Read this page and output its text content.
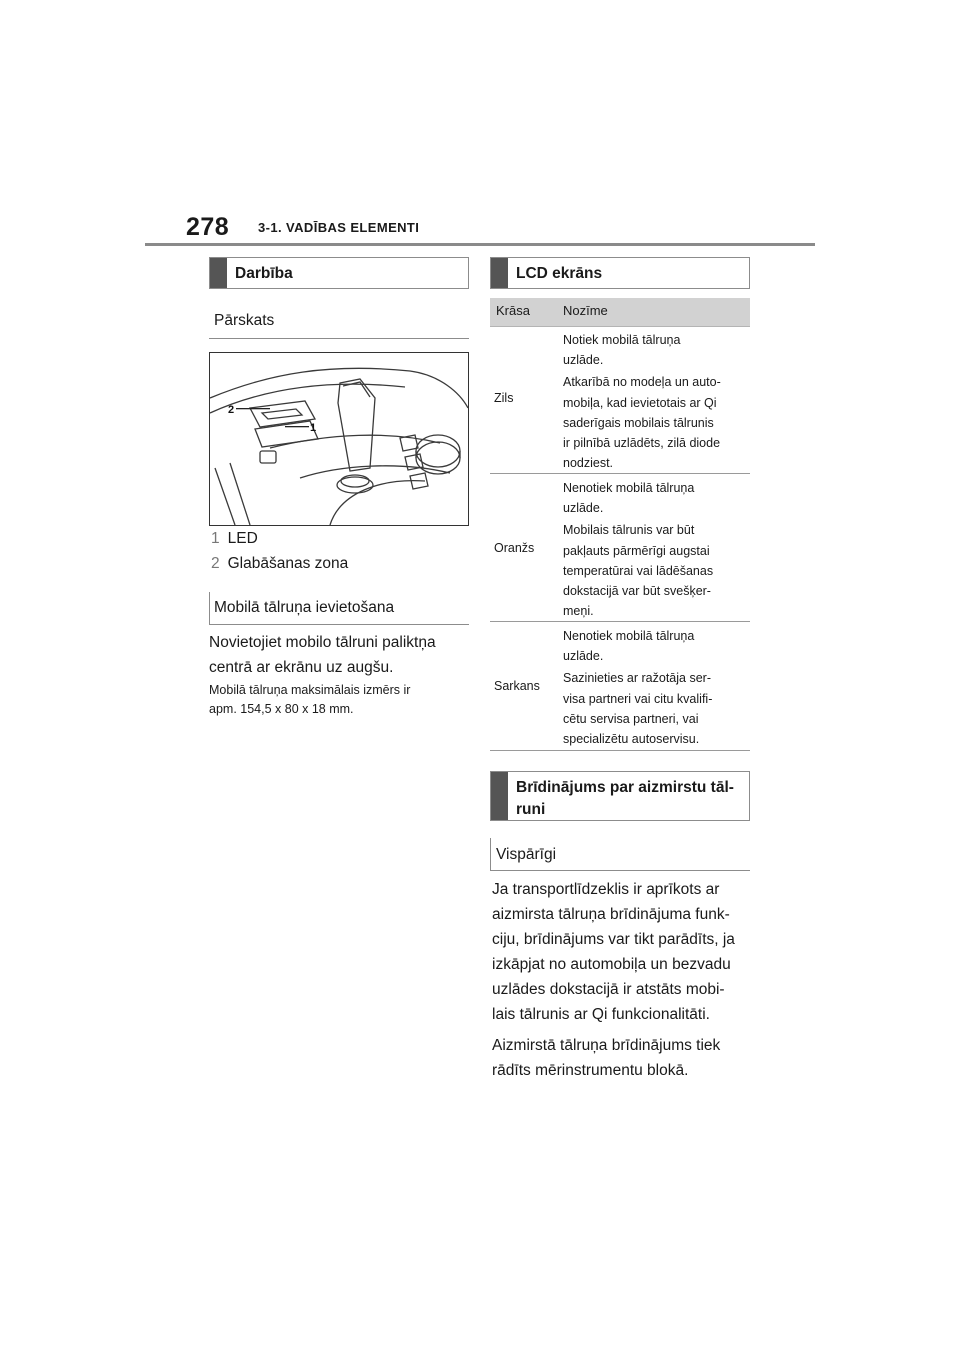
278 3-1. VADĪBAS ELEMENTI
Darbība
Pārskats
2
1
1 LED
2 Glabāšanas zona
Mobilā tālruņa ievietošana
Novietojiet mobilo tālruni paliktņa
centrā ar ekrānu uz augšu.
Mobilā tālruņa maksimālais izmērs ir
apm. 154,5 x 80 x 18 mm.
LCD ekrāns
Krāsa	Nozīme
Zils
Notiek mobilā tālruņa
uzlāde.
Atkarībā no modeļa un auto-
mobiļa, kad ievietotais ar Qi
saderīgais mobilais tālrunis
ir pilnībā uzlādēts, zilā diode
nodziest.
Oranžs
Nenotiek mobilā tālruņa
uzlāde.
Mobilais tālrunis var būt
pakļauts pārmērīgi augstai
temperatūrai vai lādēšanas
dokstacijā var būt svešķer-
meņi.
Sarkans
Nenotiek mobilā tālruņa
uzlāde.
Sazinieties ar ražotāja ser-
visa partneri vai citu kvalifi-
cētu servisa partneri, vai
specializētu autoservisu.
Brīdinājums par aizmirstu tāl-
runi
Vispārīgi
Ja transportlīdzeklis ir aprīkots ar
aizmirsta tālruņa brīdinājuma funk-
ciju, brīdinājums var tikt parādīts, ja
izkāpjat no automobiļa un bezvadu
uzlādes dokstacijā ir atstāts mobi-
lais tālrunis ar Qi funkcionalitāti.
Aizmirstā tālruņa brīdinājums tiek
rādīts mērinstrumentu blokā.
